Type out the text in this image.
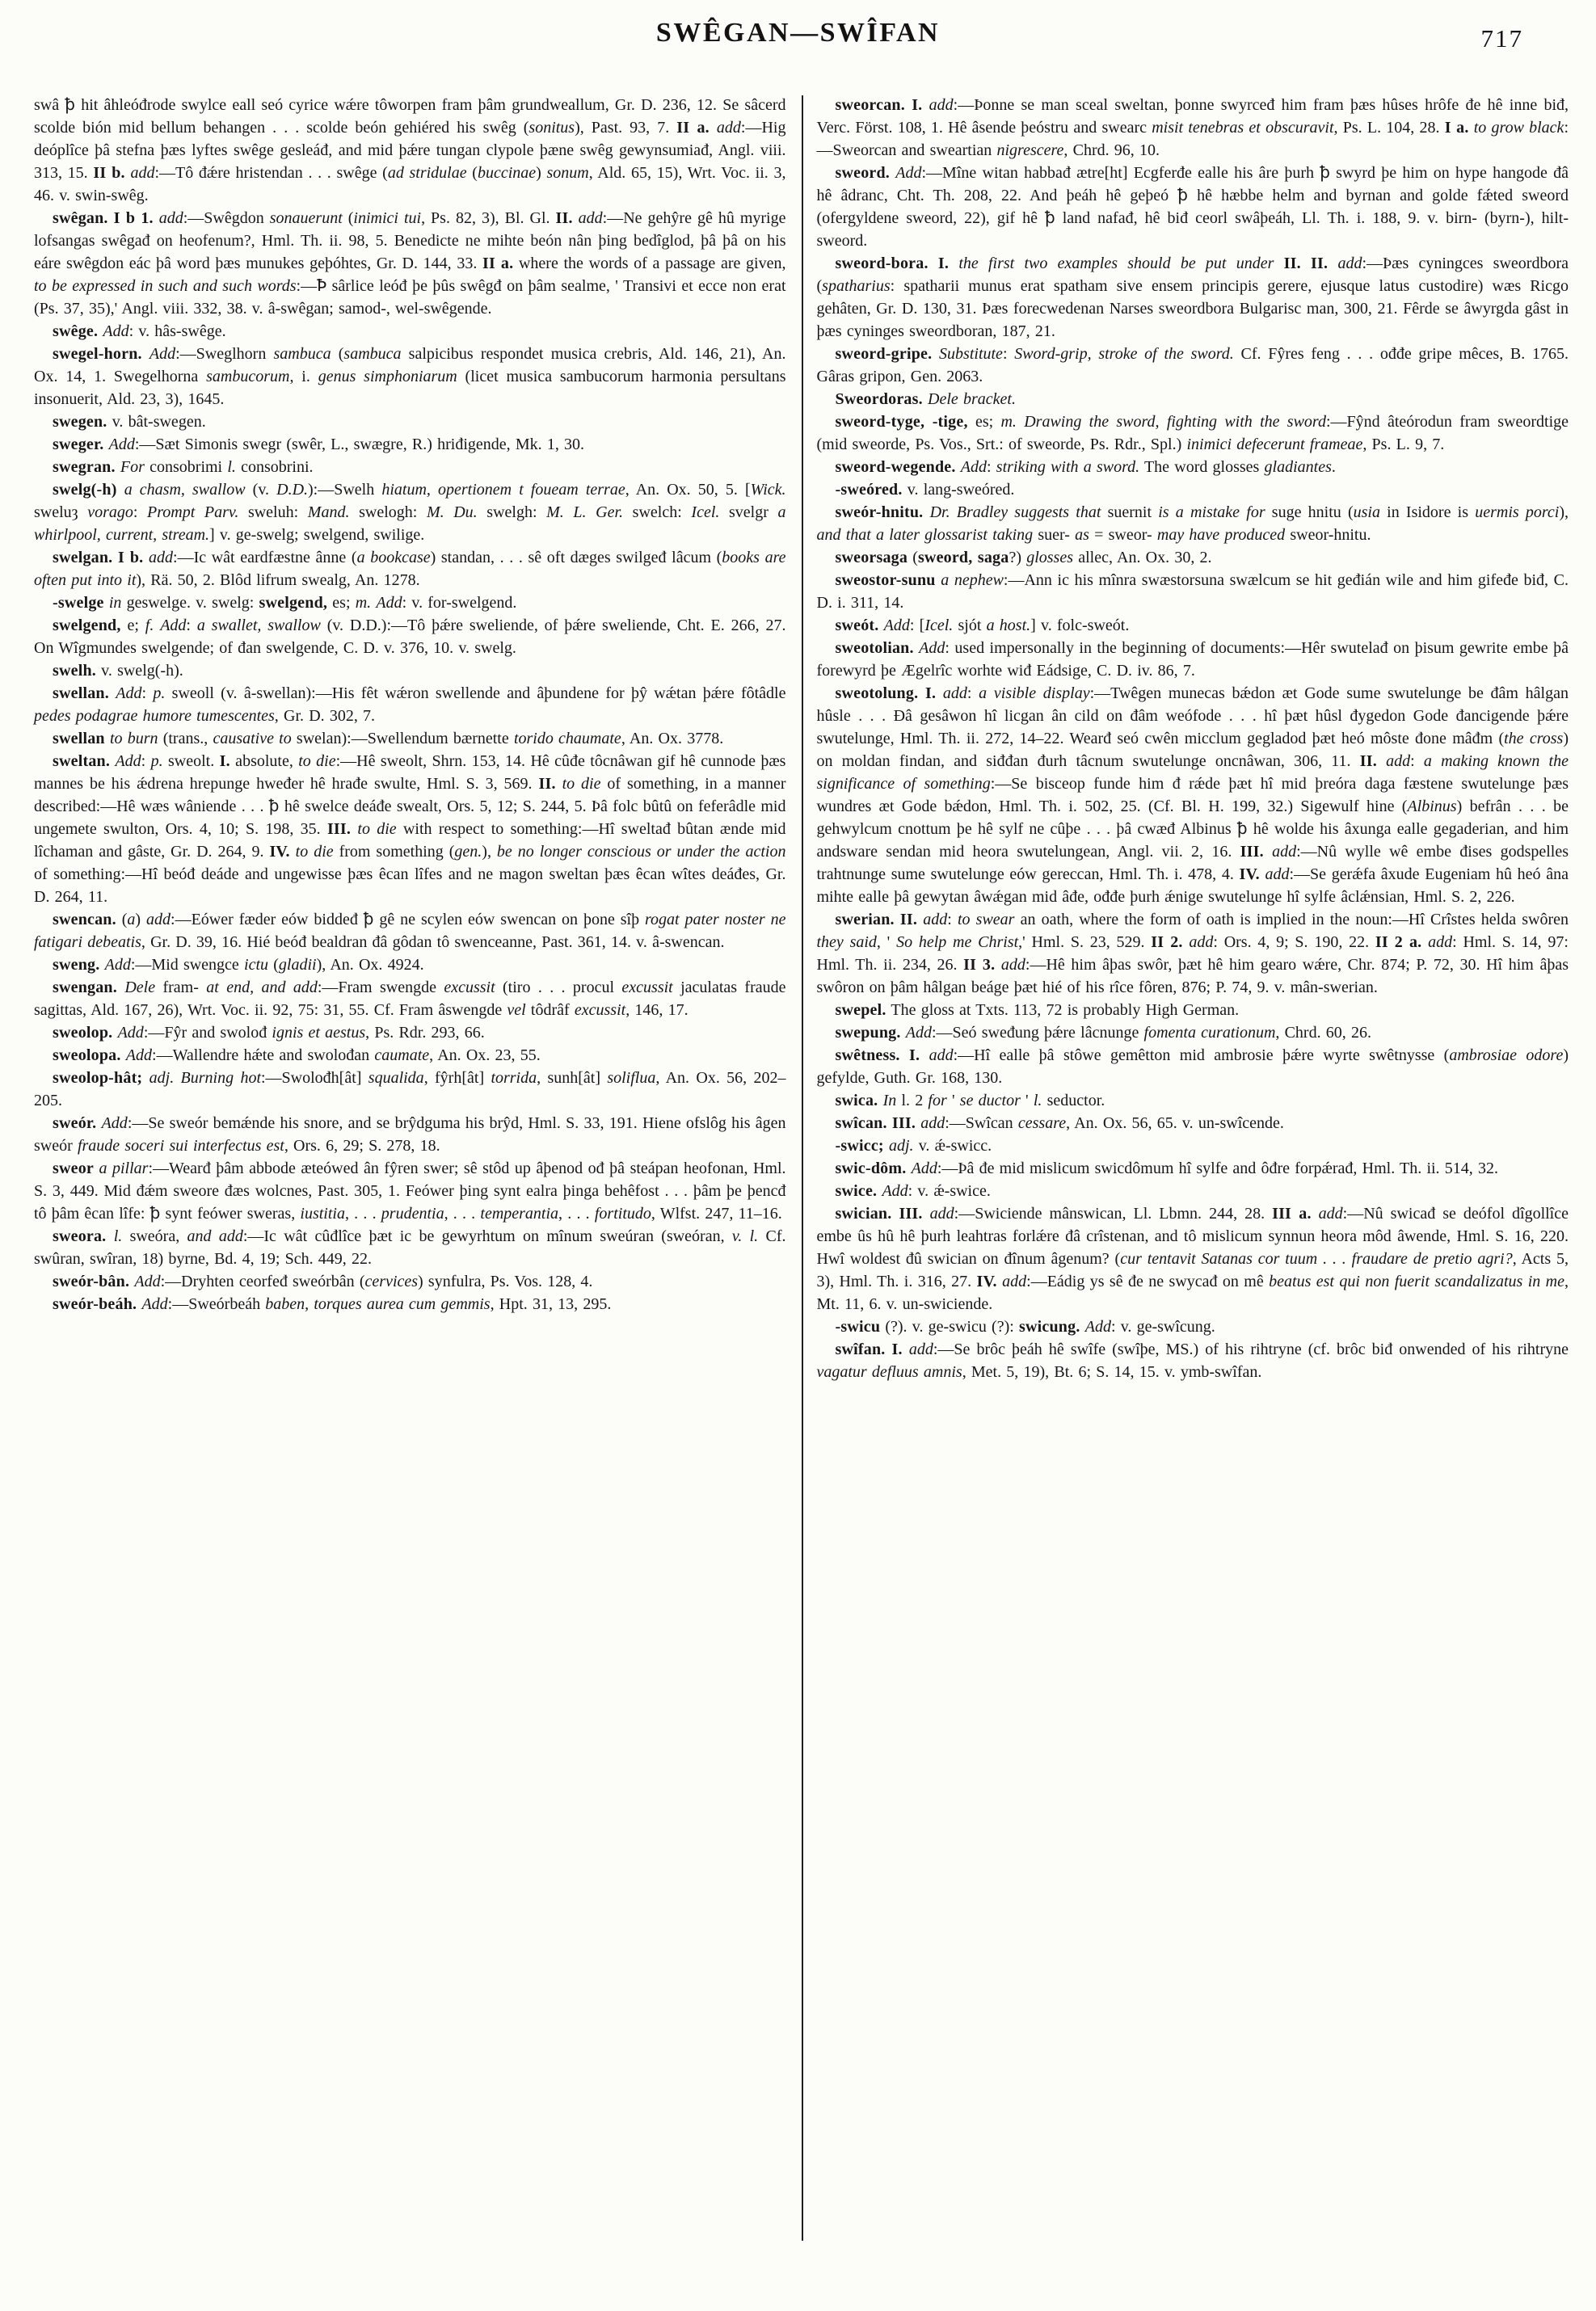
SWÊGAN—SWÎFAN	717

swâ ꝥ hit âhleóđrode swylce eall seó cyrice wǽre tôworpen fram þâm grundweallum, Gr. D. 236, 12. Se sâcerd scolde bión mid bellum behangen . . . scolde beón gehiéred his swêg (sonitus), Past. 93, 7. II a. add:—Hig deóplîce þâ stefna þæs lyftes swêge gesleáđ, and mid þǽre tungan clypole þæne swêg gewynsumiađ, Angl. viii. 313, 15. II b. add:—Tô đǽre hristendan . . . swêge (ad stridulae (buccinae) sonum, Ald. 65, 15), Wrt. Voc. ii. 3, 46. v. swin-swêg.

swêgan. I b 1. add:—Swêgdon sonauerunt (inimici tui, Ps. 82, 3), Bl. Gl. II. add:—Ne gehŷre gê hû myrige lofsangas swêgađ on heofenum?, Hml. Th. ii. 98, 5. Benedicte ne mihte beón nân þing bedîglod, þâ þâ on his eáre swêgdon eác þâ word þæs munukes geþóhtes, Gr. D. 144, 33. II a. where the words of a passage are given, to be expressed in such and such words:—Ꝥ sârlice leóđ þe þûs swêgđ on þâm sealme, ' Transivi et ecce non erat (Ps. 37, 35),' Angl. viii. 332, 38. v. â-swêgan; samod-, wel-swêgende.

swêge. Add: v. hâs-swêge.

swegel-horn. Add:—Sweglhorn sambuca (sambuca salpicibus respondet musica crebris, Ald. 146, 21), An. Ox. 14, 1. Swegelhorna sambucorum, i. genus simphoniarum (licet musica sambucorum harmonia persultans insonuerit, Ald. 23, 3), 1645.

swegen. v. bât-swegen.

sweger. Add:—Sæt Simonis swegr (swêr, L., swægre, R.) hriđigende, Mk. 1, 30.

swegran. For consobrimi l. consobrini.

swelg(-h) a chasm, swallow (v. D.D.):—Swelh hiatum, opertionem t foueam terrae, An. Ox. 50, 5. [Wick. sweluȝ vorago: Prompt Parv. sweluh: Mand. swelogh: M. Du. swelgh: M. L. Ger. swelch: Icel. svelgr a whirlpool, current, stream.] v. ge-swelg; swelgend, swilige.

swelgan. I b. add:—Ic wât eardfæstne ânne (a bookcase) standan, . . . sê oft dæges swilgeđ lâcum (books are often put into it), Rä. 50, 2. Blôd lifrum swealg, An. 1278.

-swelge in geswelge. v. swelg: swelgend, es; m. Add: v. for-swelgend.

swelgend, e; f. Add: a swallet, swallow (v. D.D.):—Tô þǽre sweliende, of þǽre sweliende, Cht. E. 266, 27. On Wîgmundes swelgende; of đan swelgende, C. D. v. 376, 10. v. swelg.

swelh. v. swelg(-h).

swellan. Add: p. sweoll (v. â-swellan):—His fêt wǽron swellende and âþundene for þŷ wǽtan þǽre fôtâdle pedes podagrae humore tumescentes, Gr. D. 302, 7.

swellan to burn (trans., causative to swelan):—Swellendum bærnette torido chaumate, An. Ox. 3778.

sweltan. Add: p. sweolt. I. absolute, to die:—Hê sweolt, Shrn. 153, 14. Hê cûđe tôcnâwan gif hê cunnode þæs mannes be his ǽdrena hrepunge hweđer hê hrađe swulte, Hml. S. 3, 569. II. to die of something, in a manner described:—Hê wæs wâniende . . . ꝥ hê swelce deáđe swealt, Ors. 5, 12; S. 244, 5. Þâ folc bûtû on feferâdle mid ungemete swulton, Ors. 4, 10; S. 198, 35. III. to die with respect to something:—Hî sweltađ bûtan ænde mid lîchaman and gâste, Gr. D. 264, 9. IV. to die from something (gen.), be no longer conscious or under the action of something:—Hî beóđ deáde and ungewisse þæs êcan lîfes and ne magon sweltan þæs êcan wîtes deáđes, Gr. D. 264, 11.

swencan. (a) add:—Eówer fæder eów biddeđ ꝥ gê ne scylen eów swencan on þone sîþ rogat pater noster ne fatigari debeatis, Gr. D. 39, 16. Hié beóđ bealdran đâ gôdan tô swenceanne, Past. 361, 14. v. â-swencan.

sweng. Add:—Mid swengce ictu (gladii), An. Ox. 4924.

swengan. Dele fram- at end, and add:—Fram swengde excussit (tiro . . . procul excussit jaculatas fraude sagittas, Ald. 167, 26), Wrt. Voc. ii. 92, 75: 31, 55. Cf. Fram âswengde vel tôdrâf excussit, 146, 17.

sweolop. Add:—Fŷr and swolođ ignis et aestus, Ps. Rdr. 293, 66.

sweolopa. Add:—Wallendre hǽte and swolođan caumate, An. Ox. 23, 55.

sweolop-hât; adj. Burning hot:—Swolođh[ât] squalida, fŷrh[ât] torrida, sunh[ât] soliflua, An. Ox. 56, 202–205.

sweór. Add:—Se sweór bemǽnde his snore, and se brŷdguma his brŷd, Hml. S. 33, 191. Hiene ofslôg his âgen sweór fraude soceri sui interfectus est, Ors. 6, 29; S. 278, 18.

sweor a pillar:—Wearđ þâm abbode æteówed ân fŷren swer; sê stôd up âþenod ođ þâ steápan heofonan, Hml. S. 3, 449. Mid đǽm sweore đæs wolcnes, Past. 305, 1. Feówer þing synt ealra þinga behêfost . . . þâm þe þencđ tô þâm êcan lîfe: ꝥ synt feówer sweras, iustitia, . . . prudentia, . . . temperantia, . . . fortitudo, Wlfst. 247, 11–16.

sweora. l. sweóra, and add:—Ic wât cûđlîce þæt ic be gewyrhtum on mînum sweúran (sweóran, v. l. Cf. swûran, swîran, 18) byrne, Bd. 4, 19; Sch. 449, 22.

sweór-bân. Add:—Dryhten ceorfeđ sweórbân (cervices) synfulra, Ps. Vos. 128, 4.

sweór-beáh. Add:—Sweórbeáh baben, torques aurea cum gemmis, Hpt. 31, 13, 295.

sweorcan. I. add:—Þonne se man sceal sweltan, þonne swyrceđ him fram þæs hûses hrôfe đe hê inne biđ, Verc. Först. 108, 1. Hê âsende þeóstru and swearc misit tenebras et obscuravit, Ps. L. 104, 28. I a. to grow black:—Sweorcan and sweartian nigrescere, Chrd. 96, 10.

sweord. Add:—Mîne witan habbađ ætre[ht] Ecgferđe ealle his âre þurh ꝥ swyrd þe him on hype hangode đâ hê âdranc, Cht. Th. 208, 22. And þeáh hê geþeó ꝥ hê hæbbe helm and byrnan and golde fǽted sweord (ofergyldene sweord, 22), gif hê ꝥ land nafađ, hê biđ ceorl swâþeáh, Ll. Th. i. 188, 9. v. birn- (byrn-), hilt-sweord.

sweord-bora. I. the first two examples should be put under II. II. add:—Þæs cyningces sweordbora (spatharius: spatharii munus erat spatham sive ensem principis gerere, ejusque latus custodire) wæs Ricgo gehâten, Gr. D. 130, 31. Þæs forecwedenan Narses sweordbora Bulgarisc man, 300, 21. Fêrde se âwyrgda gâst in þæs cyninges sweordboran, 187, 21.

sweord-gripe. Substitute: Sword-grip, stroke of the sword. Cf. Fŷres feng . . . ođđe gripe mêces, B. 1765. Gâras gripon, Gen. 2063.

Sweordoras. Dele bracket.

sweord-tyge, -tige, es; m. Drawing the sword, fighting with the sword:—Fŷnd âteórodun fram sweordtige (mid sweorde, Ps. Vos., Srt.: of sweorde, Ps. Rdr., Spl.) inimici defecerunt frameae, Ps. L. 9, 7.

sweord-wegende. Add: striking with a sword. The word glosses gladiantes.

-sweóred. v. lang-sweóred.

sweór-hnitu. Dr. Bradley suggests that suernit is a mistake for suge hnitu (usia in Isidore is uermis porci), and that a later glossarist taking suer- as = sweor- may have produced sweor-hnitu.

sweorsaga (sweord, saga?) glosses allec, An. Ox. 30, 2.

sweostor-sunu a nephew:—Ann ic his mînra swæstorsuna swælcum se hit geđián wile and him gifeđe biđ, C. D. i. 311, 14.

sweót. Add: [Icel. sjót a host.] v. folc-sweót.

sweotolian. Add: used impersonally in the beginning of documents:—Hêr swutelađ on þisum gewrite embe þâ forewyrd þe Ægelrîc worhte wiđ Eádsige, C. D. iv. 86, 7.

sweotolung. I. add: a visible display:—Twêgen munecas bǽdon æt Gode sume swutelunge be đâm hâlgan hûsle . . . Đâ gesâwon hî licgan ân cild on đâm weófode . . . hî þæt hûsl đygedon Gode đancigende þǽre swutelunge, Hml. Th. ii. 272, 14–22. Wearđ seó cwên micclum gegladod þæt heó môste đone mâđm (the cross) on moldan findan, and siđđan đurh tâcnum swutelunge oncnâwan, 306, 11. II. add: a making known the significance of something:—Se bisceop funde him đ rǽde þæt hî mid þreóra daga fæstene swutelunge þæs wundres æt Gode bǽdon, Hml. Th. i. 502, 25. (Cf. Bl. H. 199, 32.) Sigewulf hine (Albinus) befrân . . . be gehwylcum cnottum þe hê sylf ne cûþe . . . þâ cwæđ Albinus ꝥ hê wolde his âxunga ealle gegaderian, and him andsware sendan mid heora swutelungean, Angl. vii. 2, 16. III. add:—Nû wylle wê embe đises godspelles trahtnunge sume swutelunge eów gereccan, Hml. Th. i. 478, 4. IV. add:—Se gerǽfa âxude Eugeniam hû heó âna mihte ealle þâ gewytan âwǽgan mid âđe, ođđe þurh ǽnige swutelunge hî sylfe âclǽnsian, Hml. S. 2, 226.

swerian. II. add: to swear an oath, where the form of oath is implied in the noun:—Hî Crîstes helda swôren they said, ' So help me Christ,' Hml. S. 23, 529. II 2. add: Ors. 4, 9; S. 190, 22. II 2 a. add: Hml. S. 14, 97: Hml. Th. ii. 234, 26. II 3. add:—Hê him âþas swôr, þæt hê him gearo wǽre, Chr. 874; P. 72, 30. Hî him âþas swôron on þâm hâlgan beáge þæt hié of his rîce fôren, 876; P. 74, 9. v. mân-swerian.

swepel. The gloss at Txts. 113, 72 is probably High German.

swepung. Add:—Seó sweđung þǽre lâcnunge fomenta curationum, Chrd. 60, 26.

swêtness. I. add:—Hî ealle þâ stôwe gemêtton mid ambrosie þǽre wyrte swêtnysse (ambrosiae odore) gefylde, Guth. Gr. 168, 130.

swica. In l. 2 for ' se ductor ' l. seductor.

swîcan. III. add:—Swîcan cessare, An. Ox. 56, 65. v. un-swîcende.

-swicc; adj. v. ǽ-swicc.

swic-dôm. Add:—Þâ đe mid mislicum swicdômum hî sylfe and ôđre forpǽrađ, Hml. Th. ii. 514, 32.

swice. Add: v. ǽ-swice.

swician. III. add:—Swiciende mânswican, Ll. Lbmn. 244, 28. III a. add:—Nû swicađ se deófol dîgollîce embe ûs hû hê þurh leahtras forlǽre đâ crîstenan, and tô mislicum synnun heora môd âwende, Hml. S. 16, 220. Hwî woldest đû swician on đînum âgenum? (cur tentavit Satanas cor tuum . . . fraudare de pretio agri?, Acts 5, 3), Hml. Th. i. 316, 27. IV. add:—Eádig ys sê đe ne swycađ on mê beatus est qui non fuerit scandalizatus in me, Mt. 11, 6. v. un-swiciende.

-swicu (?). v. ge-swicu (?): swicung. Add: v. ge-swîcung.

swîfan. I. add:—Se brôc þeáh hê swîfe (swîþe, MS.) of his rihtryne (cf. brôc biđ onwended of his rihtryne vagatur defluus amnis, Met. 5, 19), Bt. 6; S. 14, 15. v. ymb-swîfan.
